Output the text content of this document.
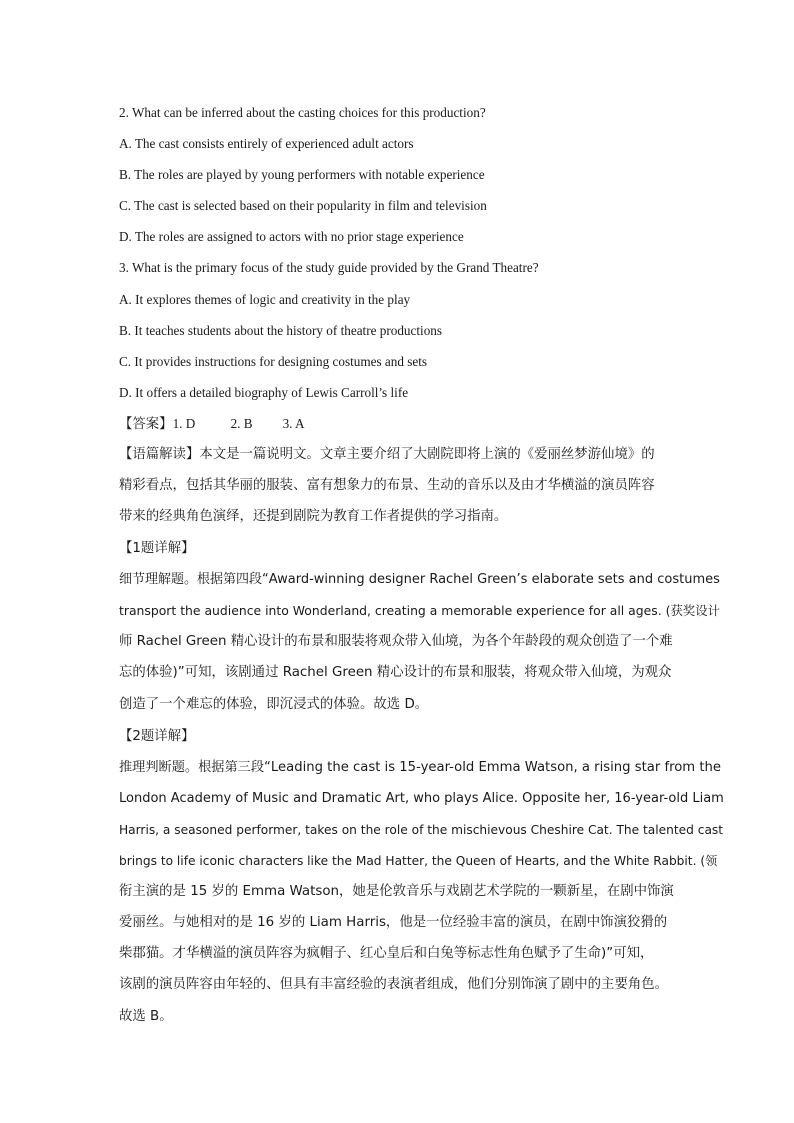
2. What can be inferred about the casting choices for this production?
A. The cast consists entirely of experienced adult actors
B. The roles are played by young performers with notable experience
C. The cast is selected based on their popularity in film and television
D. The roles are assigned to actors with no prior stage experience
3. What is the primary focus of the study guide provided by the Grand Theatre?
A. It explores themes of logic and creativity in the play
B. It teaches students about the history of theatre productions
C. It provides instructions for designing costumes and sets
D. It offers a detailed biography of Lewis Carroll’s life
【答案】1. D	2. B 3. A
【语篇解读】本文是一篇说明文。文章主要介绍了大剧院即将上演的《爱丽丝梦游仙境》的
精彩看点，包括其华丽的服装、富有想象力的布景、生动的音乐以及由才华横溢的演员阵容
带来的经典角色演绎，还提到剧院为教育工作者提供的学习指南。
【1题详解】
细节理解题。根据第四段“Award-winning designer Rachel Green’s elaborate sets and costumes
transport the audience into Wonderland, creating a memorable experience for all ages. (获奖设计
师 Rachel Green 精心设计的布景和服装将观众带入仙境，为各个年龄段的观众创造了一个难
忘的体验)”可知，该剧通过 Rachel Green 精心设计的布景和服装，将观众带入仙境，为观众
创造了一个难忘的体验，即沉浸式的体验。故选 D。
【2题详解】
推理判断题。根据第三段“Leading the cast is 15-year-old Emma Watson, a rising star from the
London Academy of Music and Dramatic Art, who plays Alice. Opposite her, 16-year-old Liam
Harris, a seasoned performer, takes on the role of the mischievous Cheshire Cat. The talented cast
brings to life iconic characters like the Mad Hatter, the Queen of Hearts, and the White Rabbit. (领
衔主演的是 15 岁的 Emma Watson，她是伦敦音乐与戏剧艺术学院的一颗新星，在剧中饰演
爱丽丝。与她相对的是 16 岁的 Liam Harris，他是一位经验丰富的演员，在剧中饰演狡猾的
柴郡猫。才华横溢的演员阵容为疯帽子、红心皇后和白兔等标志性角色赋予了生命)”可知，
该剧的演员阵容由年轻的、但具有丰富经验的表演者组成，他们分别饰演了剧中的主要角色。
故选 B。
